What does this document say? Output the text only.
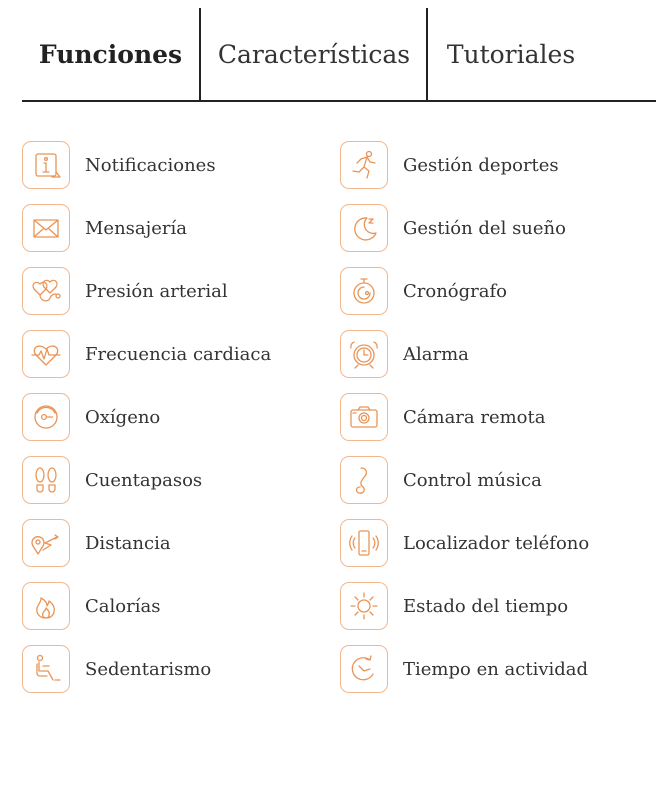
Funciones	Características	Tutoriales
Notificaciones
Mensajería
Presión arterial
Frecuencia cardiaca
Oxígeno
Cuentapasos
Distancia
Calorías
Sedentarismo
Gestión deportes
Gestión del sueño
Cronógrafo
Alarma
Cámara remota
Control música
Localizador teléfono
Estado del tiempo
Tiempo en actividad
